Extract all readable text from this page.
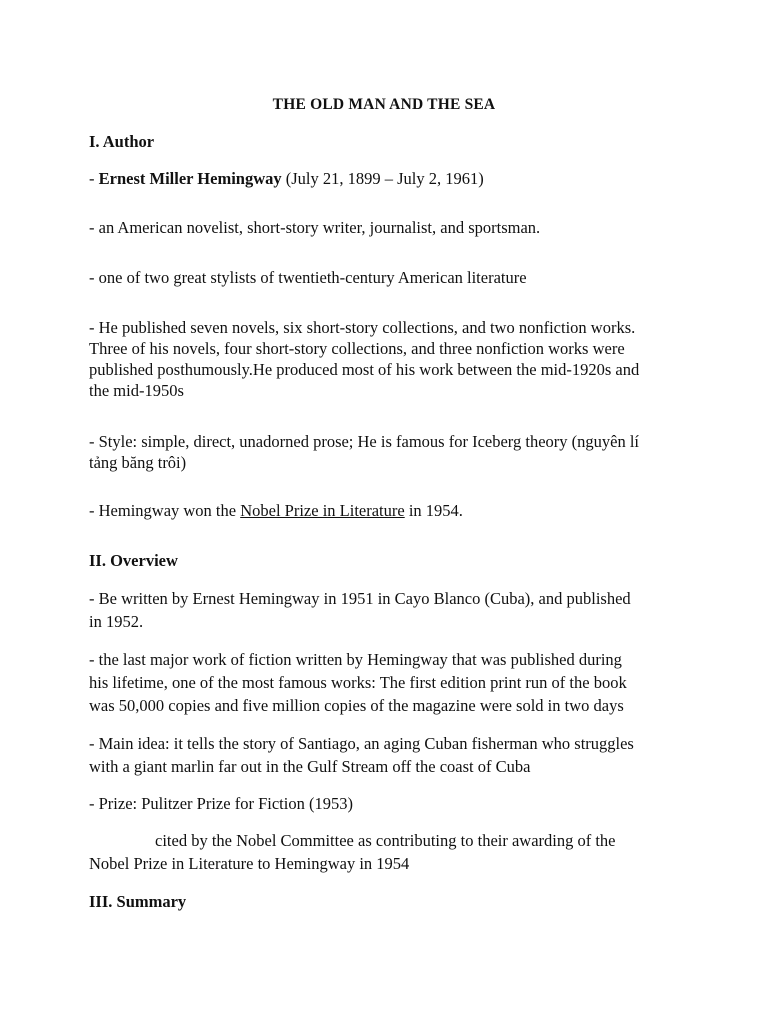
THE OLD MAN AND THE SEA
I. Author
- Ernest Miller Hemingway (July 21, 1899 – July 2, 1961)
- an American novelist, short-story writer, journalist, and sportsman.
- one of two great stylists of twentieth-century American literature
- He published seven novels, six short-story collections, and two nonfiction works.
Three of his novels, four short-story collections, and three nonfiction works were
published posthumously.He produced most of his work between the mid-1920s and
the mid-1950s
- Style: simple, direct, unadorned prose; He is famous for Iceberg theory (nguyên lí
tảng băng trôi)
- Hemingway won the Nobel Prize in Literature in 1954.
II. Overview
- Be written by Ernest Hemingway in 1951 in Cayo Blanco (Cuba), and published
in 1952.
- the last major work of fiction written by Hemingway that was published during
his lifetime, one of the most famous works: The first edition print run of the book
was 50,000 copies and five million copies of the magazine were sold in two days
- Main idea: it tells the story of Santiago, an aging Cuban fisherman who struggles
with a giant marlin far out in the Gulf Stream off the coast of Cuba
- Prize: Pulitzer Prize for Fiction (1953)
cited by the Nobel Committee as contributing to their awarding of the
Nobel Prize in Literature to Hemingway in 1954
III. Summary
